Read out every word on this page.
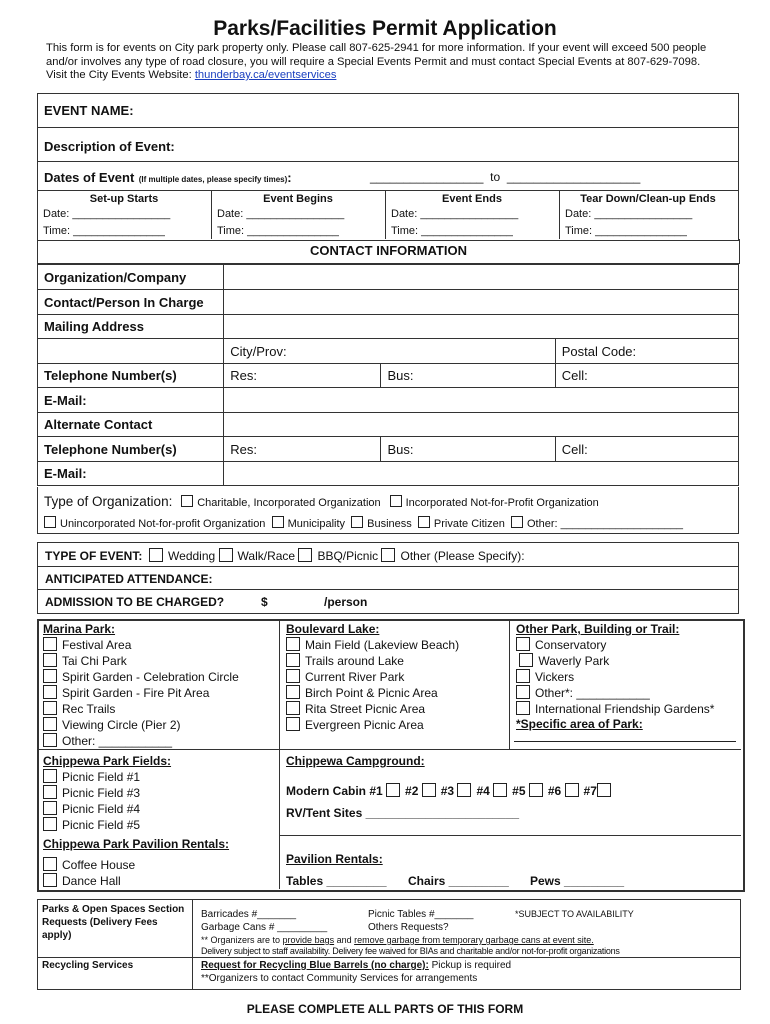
Parks/Facilities Permit Application
This form is for events on City park property only. Please call 807-625-2941 for more information. If your event will exceed 500 people and/or involves any type of road closure, you will require a Special Events Permit and must contact Special Events at 807-629-7098.
Visit the City Events Website: thunderbay.ca/eventservices
EVENT NAME:
Description of Event:
Dates of Event (If multiple dates, please specify times):	_________________ to ____________________
Set-up Starts
Date: ________________
Time: _______________
Event Begins
Date: ________________
Time: _______________
Event Ends
Date: ________________
Time: _______________
Tear Down/Clean-up Ends
Date: ________________
Time: _______________
CONTACT INFORMATION
Organization/Company			
Contact/Person In Charge			
Mailing Address			
	City/Prov:		Postal Code:
Telephone Number(s)	Res:	Bus:	Cell:
E-Mail:			
Alternate Contact			
Telephone Number(s)	Res:	Bus:	Cell:
E-Mail:			
Type of Organization: Charitable, Incorporated Organization Incorporated Not-for-Profit Organization
Unincorporated Not-for-profit Organization Municipality Business Private Citizen Other: ____________________
TYPE OF EVENT: Wedding Walk/Race BBQ/Picnic Other (Please Specify):
ANTICIPATED ATTENDANCE:
ADMISSION TO BE CHARGED?	$	/person
Marina Park:
Festival Area
Tai Chi Park
Spirit Garden - Celebration Circle
Spirit Garden - Fire Pit Area
Rec Trails
Viewing Circle (Pier 2)
Other: ___________
Boulevard Lake:
Main Field (Lakeview Beach)
Trails around Lake
Current River Park
Birch Point & Picnic Area
Rita Street Picnic Area
Evergreen Picnic Area
Other Park, Building or Trail:
Conservatory
Waverly Park
Vickers
Other*: ___________
International Friendship Gardens*
*Specific area of Park:
Chippewa Park Fields:
Picnic Field #1
Picnic Field #3
Picnic Field #4
Picnic Field #5
Chippewa Park Pavilion Rentals:
Coffee House
Dance Hall
Chippewa Campground:
Modern Cabin #1 #2 #3 #4 #5 #6 #7
RV/Tent Sites _______________________
Pavilion Rentals:
Tables _________ Chairs _________ Pews _________
Parks & Open Spaces Section Requests (Delivery Fees apply)
Barricades #_______	Picnic Tables #_______	*SUBJECT TO AVAILABILITY
Garbage Cans # _________	Others Requests?
** Organizers are to provide bags and remove garbage from temporary garbage cans at event site.
Delivery subject to staff availability. Delivery fee waived for BIAs and charitable and/or not-for-profit organizations
Recycling Services	Request for Recycling Blue Barrels (no charge): Pickup is required
**Organizers to contact Community Services for arrangements
PLEASE COMPLETE ALL PARTS OF THIS FORM
